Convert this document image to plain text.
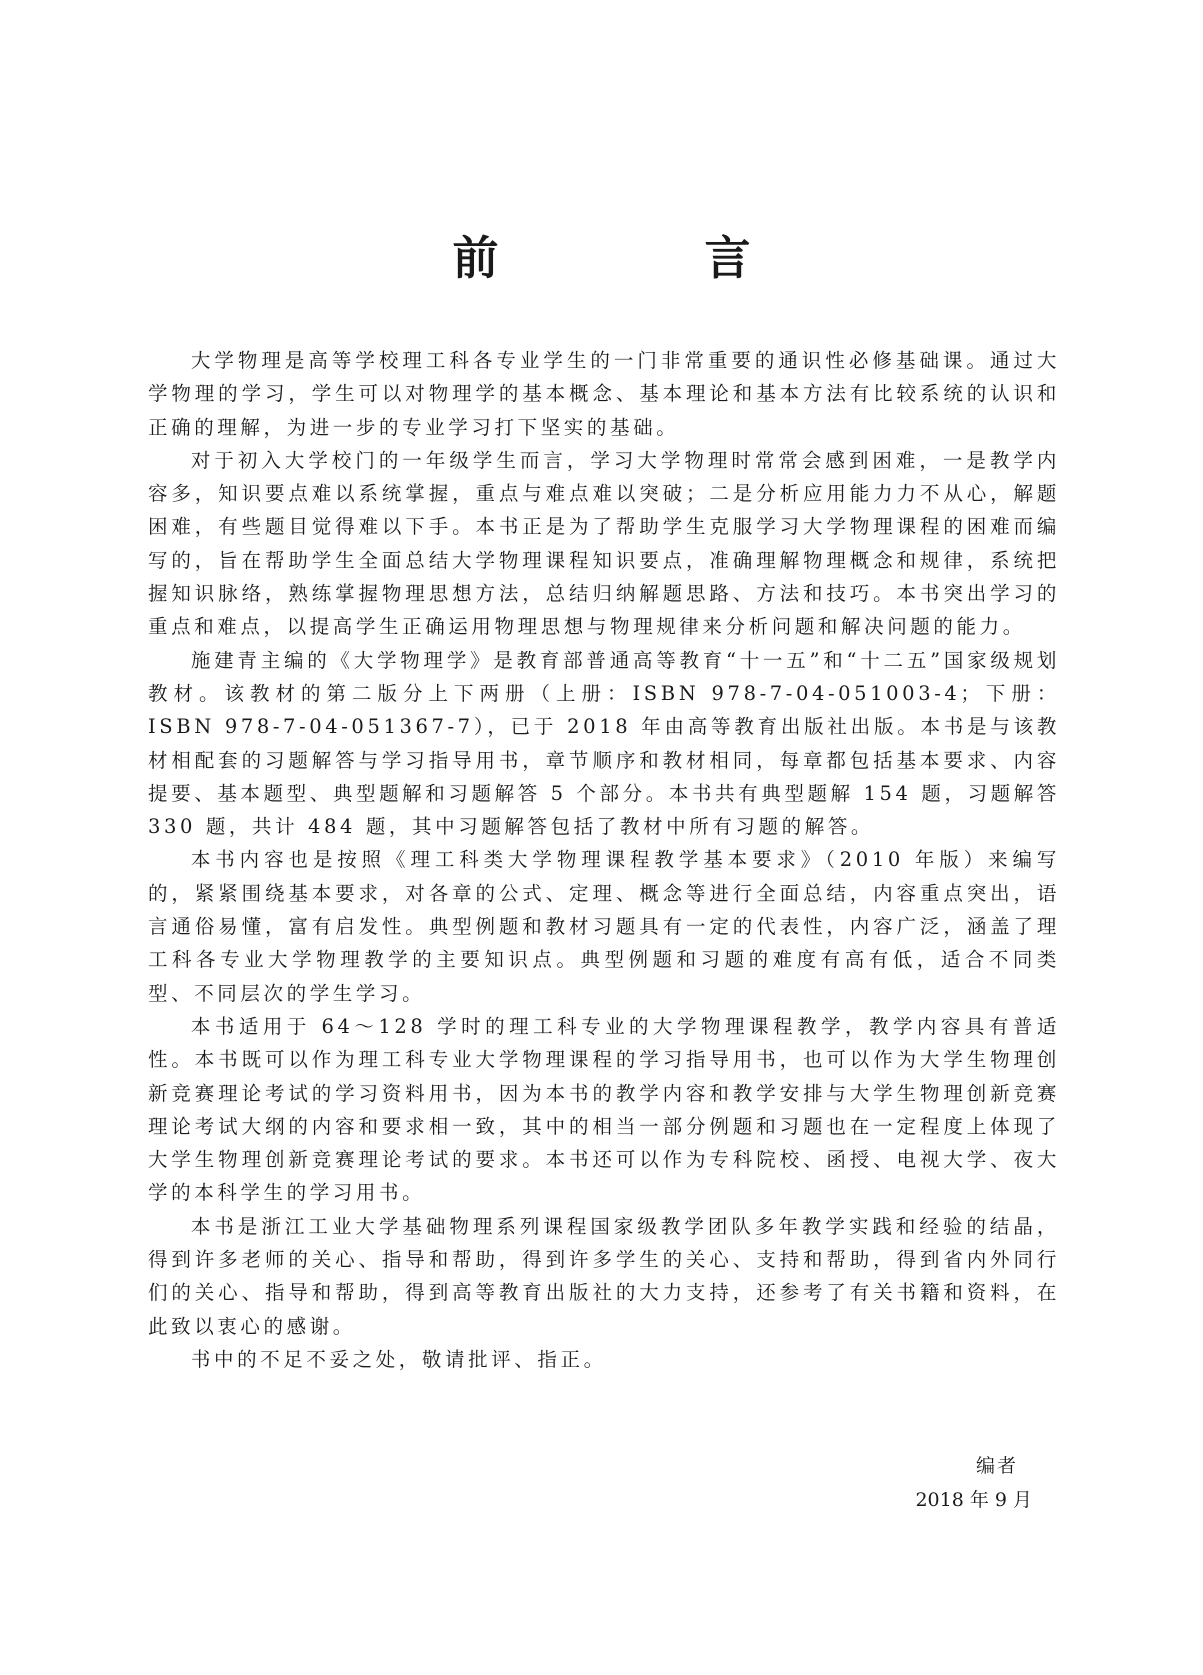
前　言

大学物理是高等学校理工科各专业学生的一门非常重要的通识性必修基础课。通过大学物理的学习，学生可以对物理学的基本概念、基本理论和基本方法有比较系统的认识和正确的理解，为进一步的专业学习打下坚实的基础。

对于初入大学校门的一年级学生而言，学习大学物理时常常会感到困难，一是教学内容多，知识要点难以系统掌握，重点与难点难以突破；二是分析应用能力力不从心，解题困难，有些题目觉得难以下手。本书正是为了帮助学生克服学习大学物理课程的困难而编写的，旨在帮助学生全面总结大学物理课程知识要点，准确理解物理概念和规律，系统把握知识脉络，熟练掌握物理思想方法，总结归纳解题思路、方法和技巧。本书突出学习的重点和难点，以提高学生正确运用物理思想与物理规律来分析问题和解决问题的能力。

施建青主编的《大学物理学》是教育部普通高等教育“十一五”和“十二五”国家级规划教材。该教材的第二版分上下两册（上册：ISBN 978-7-04-051003-4；下册：ISBN 978-7-04-051367-7），已于 2018 年由高等教育出版社出版。本书是与该教材相配套的习题解答与学习指导用书，章节顺序和教材相同，每章都包括基本要求、内容提要、基本题型、典型题解和习题解答 5 个部分。本书共有典型题解 154 题，习题解答 330 题，共计 484 题，其中习题解答包括了教材中所有习题的解答。

本书内容也是按照《理工科类大学物理课程教学基本要求》（2010 年版）来编写的，紧紧围绕基本要求，对各章的公式、定理、概念等进行全面总结，内容重点突出，语言通俗易懂，富有启发性。典型例题和教材习题具有一定的代表性，内容广泛，涵盖了理工科各专业大学物理教学的主要知识点。典型例题和习题的难度有高有低，适合不同类型、不同层次的学生学习。

本书适用于 64～128 学时的理工科专业的大学物理课程教学，教学内容具有普适性。本书既可以作为理工科专业大学物理课程的学习指导用书，也可以作为大学生物理创新竞赛理论考试的学习资料用书，因为本书的教学内容和教学安排与大学生物理创新竞赛理论考试大纲的内容和要求相一致，其中的相当一部分例题和习题也在一定程度上体现了大学生物理创新竞赛理论考试的要求。本书还可以作为专科院校、函授、电视大学、夜大学的本科学生的学习用书。

本书是浙江工业大学基础物理系列课程国家级教学团队多年教学实践和经验的结晶，得到许多老师的关心、指导和帮助，得到许多学生的关心、支持和帮助，得到省内外同行们的关心、指导和帮助，得到高等教育出版社的大力支持，还参考了有关书籍和资料，在此致以衷心的感谢。

书中的不足不妥之处，敬请批评、指正。

编者
2018 年 9 月
